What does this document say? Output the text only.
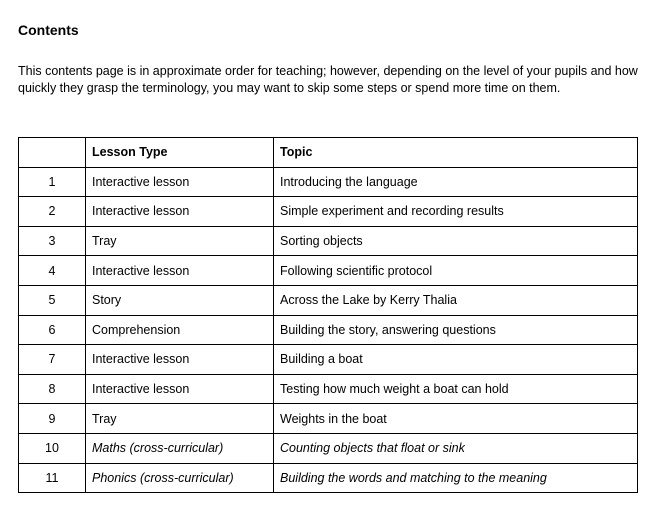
Contents

This contents page is in approximate order for teaching; however, depending on the level of your pupils and how quickly they grasp the terminology, you may want to skip some steps or spend more time on them.

	Lesson Type	Topic
1	Interactive lesson	Introducing the language
2	Interactive lesson	Simple experiment and recording results
3	Tray	Sorting objects
4	Interactive lesson	Following scientific protocol
5	Story	Across the Lake by Kerry Thalia
6	Comprehension	Building the story, answering questions
7	Interactive lesson	Building a boat
8	Interactive lesson	Testing how much weight a boat can hold
9	Tray	Weights in the boat
10	Maths (cross-curricular)	Counting objects that float or sink
11	Phonics (cross-curricular)	Building the words and matching to the meaning
